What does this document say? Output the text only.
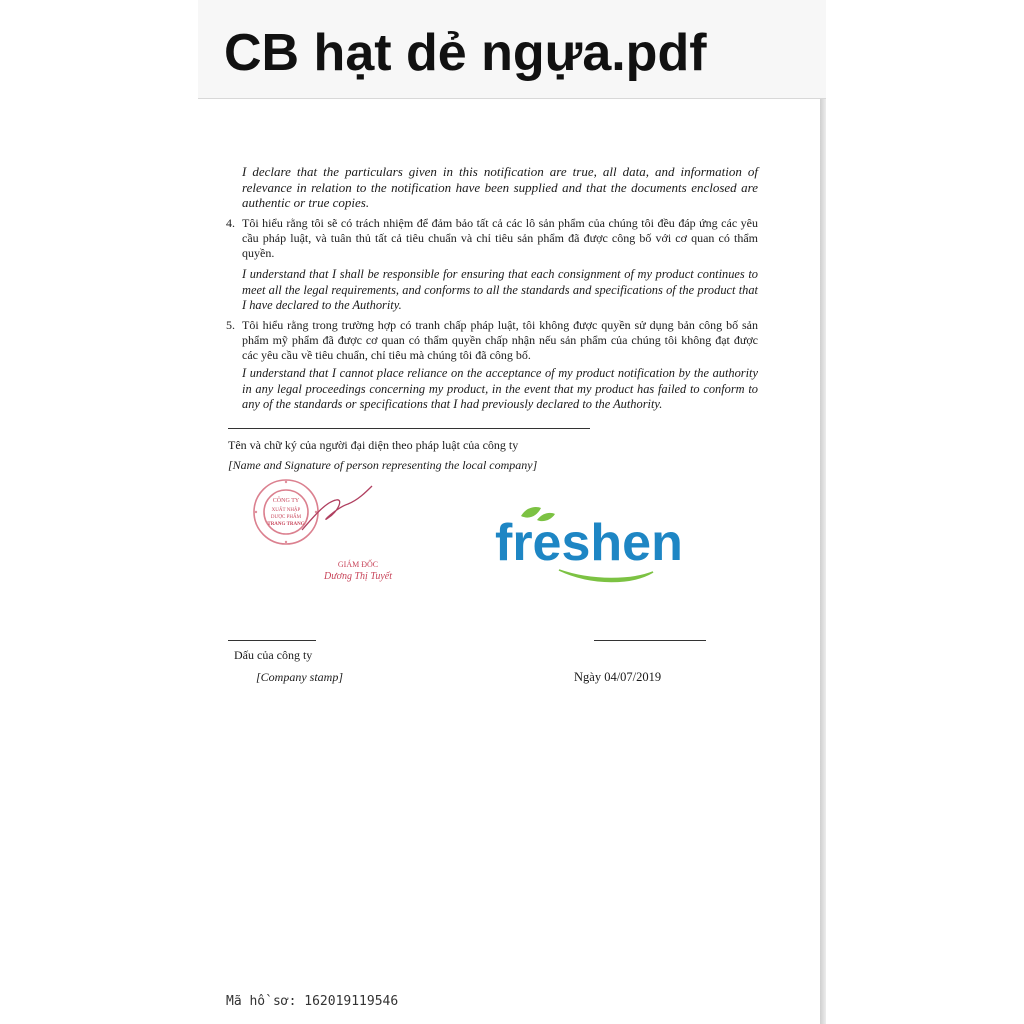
CB hạt dẻ ngựa.pdf

I declare that the particulars given in this notification are true, all data, and information of relevance in relation to the notification have been supplied and that the documents enclosed are authentic or true copies.

4. Tôi hiểu rằng tôi sẽ có trách nhiệm để đảm bảo tất cả các lô sản phẩm của chúng tôi đều đáp ứng các yêu cầu pháp luật, và tuân thủ tất cả tiêu chuẩn và chỉ tiêu sản phẩm đã được công bố với cơ quan có thẩm quyền.

I understand that I shall be responsible for ensuring that each consignment of my product continues to meet all the legal requirements, and conforms to all the standards and specifications of the product that I have declared to the Authority.

5. Tôi hiểu rằng trong trường hợp có tranh chấp pháp luật, tôi không được quyền sử dụng bản công bố sản phẩm mỹ phẩm đã được cơ quan có thẩm quyền chấp nhận nếu sản phẩm của chúng tôi không đạt được các yêu cầu về tiêu chuẩn, chỉ tiêu mà chúng tôi đã công bố.

I understand that I cannot place reliance on the acceptance of my product notification by the authority in any legal proceedings concerning my product, in the event that my product has failed to conform to any of the standards or specifications that I had previously declared to the Authority.

Tên và chữ ký của người đại diện theo pháp luật của công ty
[Name and Signature of person representing the local company]
CÔNG TY
XUẤT NHẬP
DƯỢC PHẨM
TRANG TRANG
GIÁM ĐỐC
Dương Thị Tuyết
freshen
Dấu của công ty
[Company stamp]	Ngày 04/07/2019
Mã hồ sơ: 162019119546
